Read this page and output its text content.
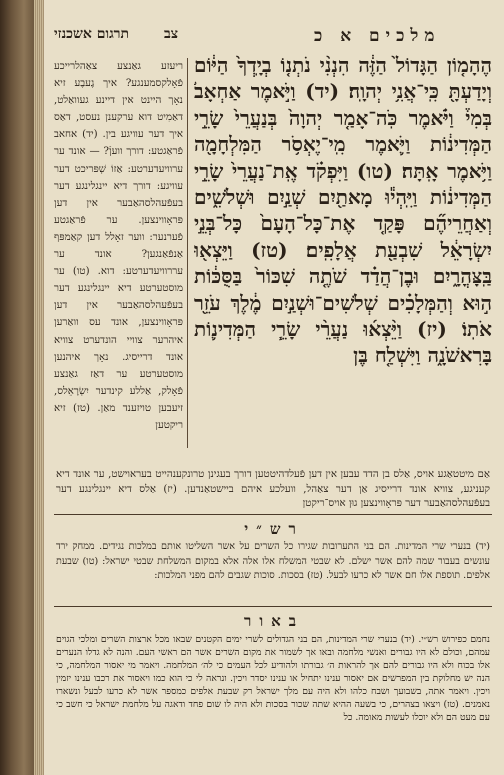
תרגום אשכנזי	צב	מלכים א כ
ריעזע גאַנצע צאַהלרייכע פֿאָלקסמענגע? איך גֶעבֶע זיא נאָך היינט אין דיינע געוואַלט, דאַמִיט דוא ערקענן נעסט, דאַס איך דער עוויגע בין. (יד) אחאב פֿראַגטע: דורך וועןֿ? — אונד ער ערוויעדערטע: אַזוֹ שְׁפּריכט דער עוויגע: דורך דיא יינגלינגע דער בעפֿעהלסהאַבער אין דען פּראָווינצען. ער פֿראַגטע פֿערנער: ווער זאָלל דען קאַמפּף אַנפֿאַנגען? אונד ער עררוויעדערטע: דוא. (טו) ער מוסטערטע דיא יינגלינגע דער בעפֿעהלסהאַבער אין דען פּראָווינצען, אונד עס וואַרען איהרער צוויי הונדערט צוויא אונד דרייסיג. נאָך איהנען מוסטערטע ער דאַז גאַנצע פֿאָלק, אַללע קינדער יִשְׂרָאֵלס, זיעבען טויזענד מאַן. (טז) זיא ריקטען
הֶהָמ֤וֹן הַגָּדוֹל֙ הַזֶּ֔ה הִנְנִ֨י נֹתְנ֤וֹ בְיָֽדְךָ֙ הַיּ֔וֹם וְיָדַעְתָּ֖ כִּֽי־אֲנִ֥י יְהוָֽה׃ (יד) וַיֹּ֣אמֶר אַחְאָב֮ בְּמִי֒ וַיֹּ֗אמֶר כֹּֽה־אָמַ֤ר יְהוָה֙ בְּנַעֲרֵי֙ שָׂרֵ֣י הַמְּדִינ֔וֹת וַיֹּ֛אמֶר מִֽי־יֶאְסֹ֥ר הַמִּלְחָמָ֖ה וַיֹּ֥אמֶר אָֽתָּה׃ (טו) וַיִּפְקֹ֗ד אֶֽת־נַעֲרֵי֙ שָׂרֵ֣י הַמְּדִינ֔וֹת וַיִּֽהְי֕וּ מָאתַ֖יִם שְׁנַ֣יִם וּשְׁלֹשִׁ֑ים וְאַחֲרֵיהֶ֞ם פָּקַ֤ד אֶת־כָּל־הָעָם֙ כָּל־בְּנֵ֣י יִשְׂרָאֵ֔ל שִׁבְעַ֖ת אֲלָפִֽים׃ (טז) וַיֵּצְא֖וּ בַּֽצָּהֳרָ֑יִם וּבֶן־הֲדַ֗ד שֹׁתֶ֤ה שִׁכּוֹר֙ בַּסֻּכּ֔וֹת ה֣וּא וְהַמְּלָכִ֗ים שְׁלֹשִׁים־וּשְׁנַ֣יִם מֶ֔לֶךְ עֹזֵ֖ר אֹתֽוֹ׃ (יז) וַיֵּ֨צְא֜וּ נַעֲרֵ֨י שָׂרֵ֧י הַמְּדִינ֛וֹת בָּרִאשֹׁנָ֑ה וַיִּשְׁלַ֤ח בֶּן
אַם מיטטאַגע אויס, אַלס בן הדד עבען אין דען פֿעלדהיטטען דורך בעגינן טרונקענהייט בעראוישט, ער אונד דיא קעניגע, צוויא אונד דרייסיג אַן דער צאַהל, וועלכע איהם ביישטאַנדען. (יז) אַלס דיא יינגלינגע דער בעפֿעהלסהאַבער דער פּראָווינצען גוּן אויס־ריקטן
רש״י
(יד) בנערי שרי המדינות. הם בני התערובות שגירו כל השרים על אשר השליטו אותם במלכות נגידים. ממחק ירד עונשים בעבור שמה להם אשר ישלם. לא שבטי המשלח אלו אלה אלא במקום המשלחת שבטי ישראל: (טו) שבעת אלפים. תוספת אלו חם אשר לא כרעו לבעל. (טז) בסכות. סוכות שגבים להם מפני המלכות:
באור
נחמם כפירוש רש״י. (יד) בנערי שרי המדינות, הם בני הגדולים לשרי ימים הקטנים שבאו מכל ארצות השרים ומלכי הגוים עמהם, וכולם לא היו גבורים ואנשי מלחמה ובאו אך לשמור את מקום השרים אשר הם ראשי העם. והנה לא גדלו הנערים אלו בכוח ולא היו גבורים להם אך להראות ה׳ גבורתו ולהודיע לכל העמים כי לה׳ המלחמה. ויאמר מי יאסור המלחמה, כי הנה יש מחלוקת בין המפרשים אם יאסור ענינו יתחיל או ענינו יסדר ויכין. ונראה לי כי הוא כמו ויאסור את רכבו ענינו יזמין ויכין. ויאמר אתה, בשבועך ושבח כלהו ולא היה עם מלך ישראל רק שבעת אלפים כמספר אשר לא כרעו לבעל ונשארו נאמנים. (טז) ויצאו בצהרים, כי בשעה ההיא שתה שכור בסכות ולא היה לו שום פחד ודאגה על מלחמת ישראל כי חשב כי עם מעט הם ולא יוכלו לעשות מאומה. כל
